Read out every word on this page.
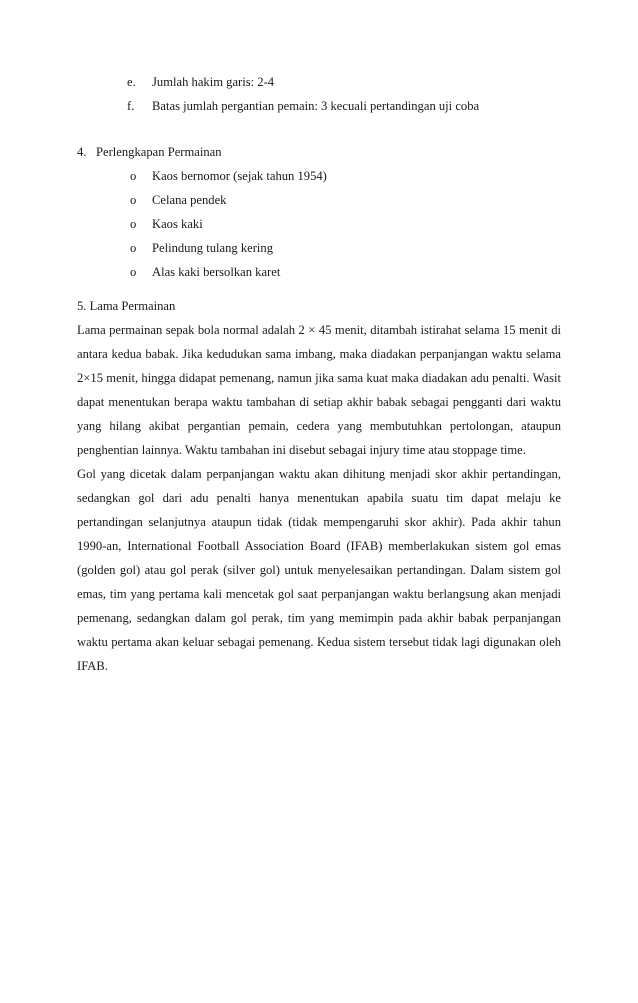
e. Jumlah hakim garis: 2-4
f. Batas jumlah pergantian pemain: 3 kecuali pertandingan uji coba
4. Perlengkapan Permainan
o Kaos bernomor (sejak tahun 1954)
o Celana pendek
o Kaos kaki
o Pelindung tulang kering
o Alas kaki bersolkan karet
5. Lama Permainan

Lama permainan sepak bola normal adalah 2 × 45 menit, ditambah istirahat selama 15 menit di antara kedua babak. Jika kedudukan sama imbang, maka diadakan perpanjangan waktu selama 2×15 menit, hingga didapat pemenang, namun jika sama kuat maka diadakan adu penalti. Wasit dapat menentukan berapa waktu tambahan di setiap akhir babak sebagai pengganti dari waktu yang hilang akibat pergantian pemain, cedera yang membutuhkan pertolongan, ataupun penghentian lainnya. Waktu tambahan ini disebut sebagai injury time atau stoppage time.

Gol yang dicetak dalam perpanjangan waktu akan dihitung menjadi skor akhir pertandingan, sedangkan gol dari adu penalti hanya menentukan apabila suatu tim dapat melaju ke pertandingan selanjutnya ataupun tidak (tidak mempengaruhi skor akhir). Pada akhir tahun 1990-an, International Football Association Board (IFAB) memberlakukan sistem gol emas (golden gol) atau gol perak (silver gol) untuk menyelesaikan pertandingan. Dalam sistem gol emas, tim yang pertama kali mencetak gol saat perpanjangan waktu berlangsung akan menjadi pemenang, sedangkan dalam gol perak, tim yang memimpin pada akhir babak perpanjangan waktu pertama akan keluar sebagai pemenang. Kedua sistem tersebut tidak lagi digunakan oleh IFAB.
